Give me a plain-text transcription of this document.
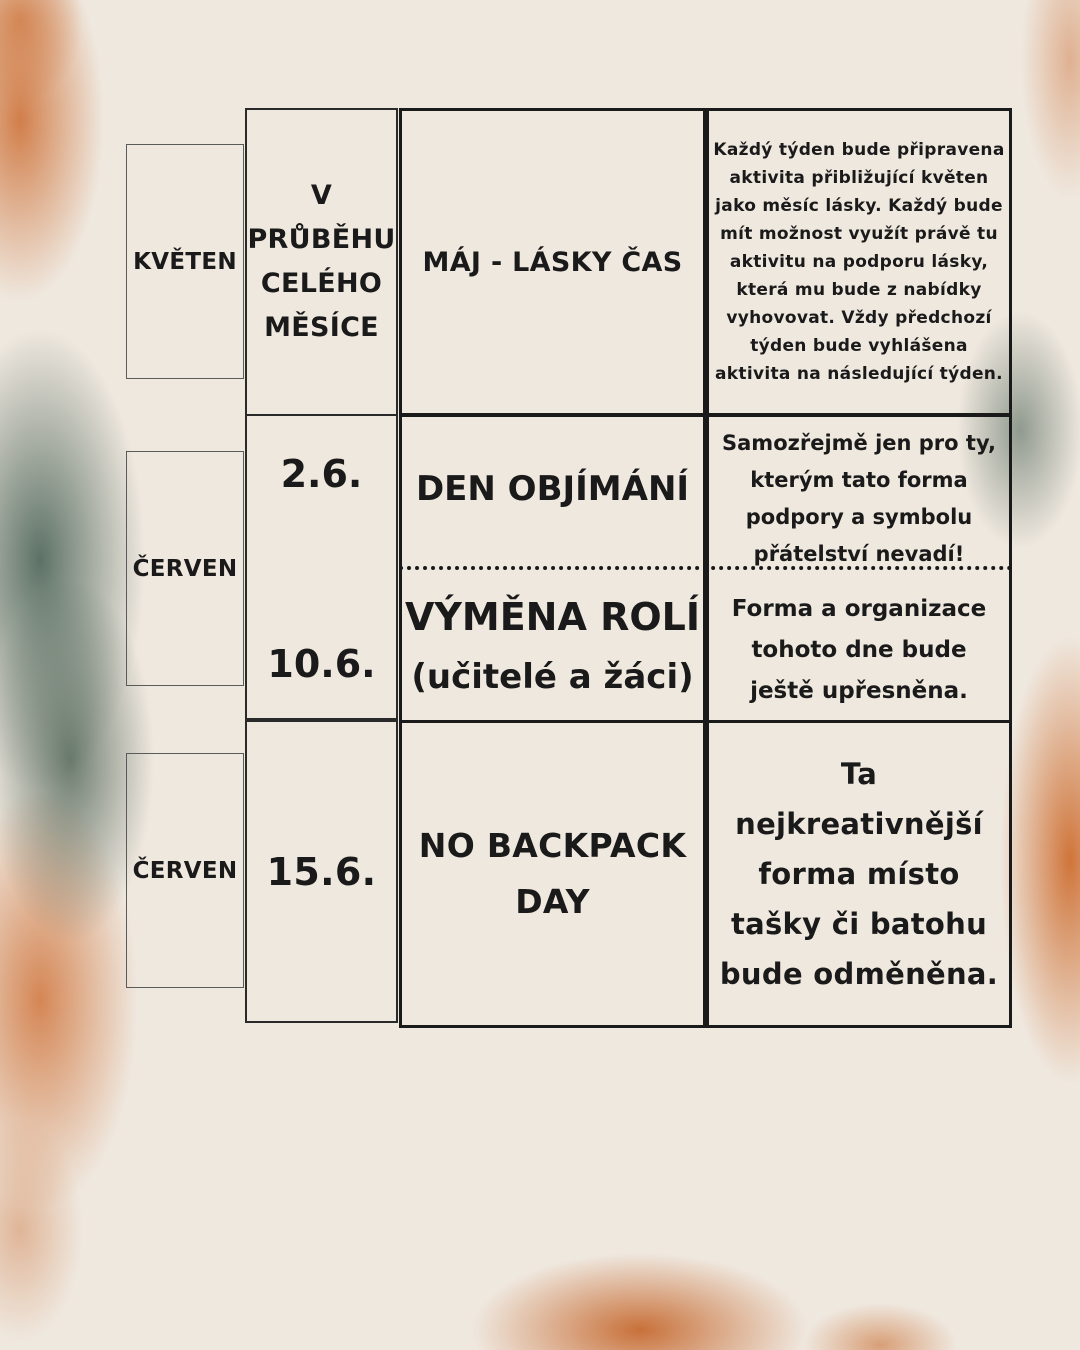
KVĚTEN
ČERVEN
ČERVEN
V PRŮBĚHU CELÉHO MĚSÍCE
2.6.
10.6.
15.6.
MÁJ - LÁSKY ČAS
DEN OBJÍMÁNÍ
VÝMĚNA ROLÍ
(učitelé a žáci)
NO BACKPACK DAY
Každý týden bude připravena aktivita přibližující květen jako měsíc lásky. Každý bude mít možnost využít právě tu aktivitu na podporu lásky, která mu bude z nabídky vyhovovat. Vždy předchozí týden bude vyhlášena aktivita na následující týden.
Samozřejmě jen pro ty, kterým tato forma podpory a symbolu přátelství nevadí!
Forma a organizace tohoto dne bude ještě upřesněna.
Ta nejkreativnější forma místo tašky či batohu bude odměněna.
